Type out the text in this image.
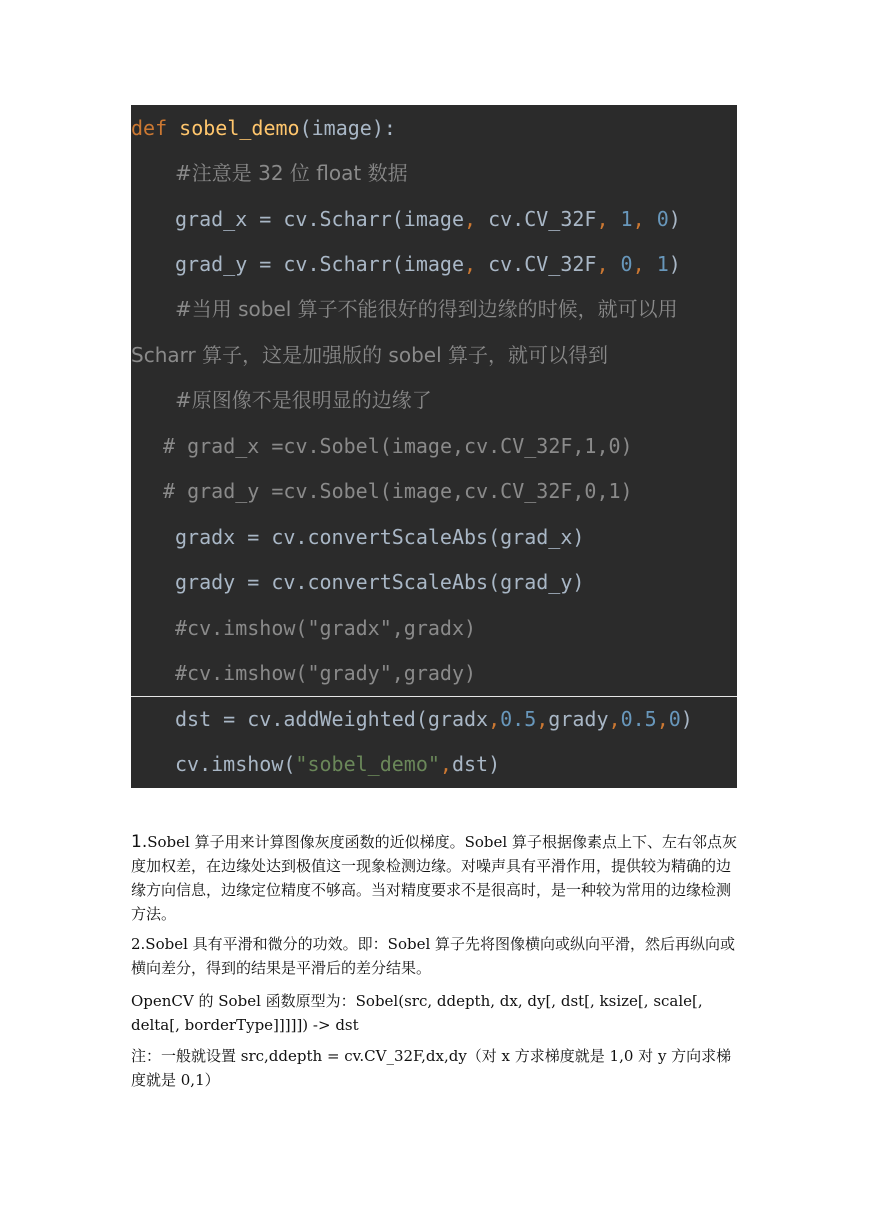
def sobel_demo(image):
#注意是 32 位 float 数据
grad_x = cv.Scharr(image, cv.CV_32F, 1, 0)
grad_y = cv.Scharr(image, cv.CV_32F, 0, 1)
#当用 sobel 算子不能很好的得到边缘的时候，就可以用
Scharr 算子，这是加强版的 sobel 算子，就可以得到
#原图像不是很明显的边缘了
# grad_x =cv.Sobel(image,cv.CV_32F,1,0)
# grad_y =cv.Sobel(image,cv.CV_32F,0,1)
gradx = cv.convertScaleAbs(grad_x)
grady = cv.convertScaleAbs(grad_y)
#cv.imshow("gradx",gradx)
#cv.imshow("grady",grady)
dst = cv.addWeighted(gradx,0.5,grady,0.5,0)
cv.imshow("sobel_demo",dst)

1.Sobel 算子用来计算图像灰度函数的近似梯度。Sobel 算子根据像素点上下、左右邻点灰度加权差，在边缘处达到极值这一现象检测边缘。对噪声具有平滑作用，提供较为精确的边缘方向信息，边缘定位精度不够高。当对精度要求不是很高时，是一种较为常用的边缘检测方法。

2.Sobel 具有平滑和微分的功效。即：Sobel 算子先将图像横向或纵向平滑，然后再纵向或横向差分，得到的结果是平滑后的差分结果。

OpenCV 的 Sobel 函数原型为：Sobel(src, ddepth, dx, dy[, dst[, ksize[, scale[, delta[, borderType]]]]]) -> dst

注：一般就设置 src,ddepth = cv.CV_32F,dx,dy（对 x 方求梯度就是 1,0 对 y 方向求梯度就是 0,1）
